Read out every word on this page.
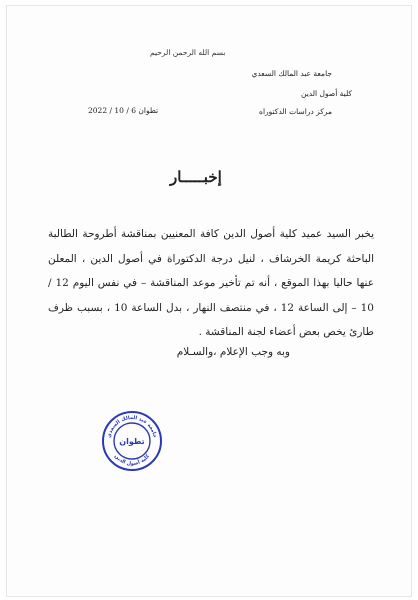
بسم الله الرحمن الرحيم
جامعة عبد المالك السعدي
كلية أصول الدين
مركز دراسات الدكتوراه
تطوان 6 / 10 / 2022
إخبـــــار
يخبر السيد عميد كلية أصول الدين كافة المعنيين بمناقشة أطروحة الطالبة الباحثة كريمة الخرشاف ، لنيل درجة الدكتوراة في أصول الدين ، المعلن عنها حاليا بهذا الموقع ، أنه تم تأخير موعد المناقشة – في نفس اليوم 12 / 10 – إلى الساعة 12 ، في منتصف النهار ، بدل الساعة 10 ، بسبب ظرف طارئ يخص بعض أعضاء لجنة المناقشة .
وبه وجب الإعلام ،والسـلام
جامعة عبد المالك السعدي
كلية أصول الدين
تطوان
